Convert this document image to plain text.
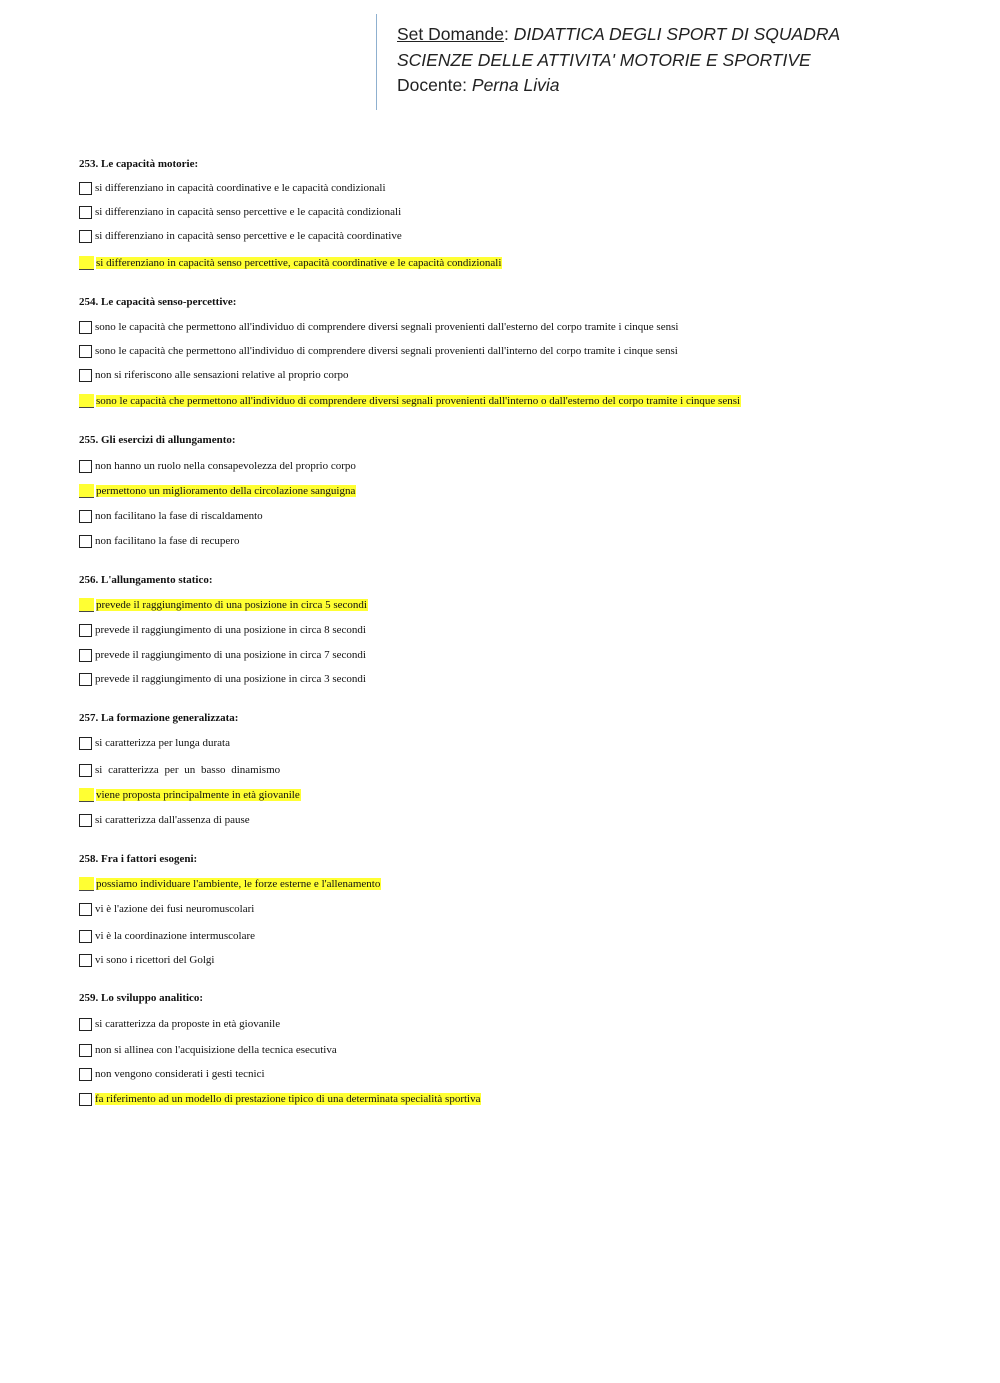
Set Domande: DIDATTICA DEGLI SPORT DI SQUADRA
SCIENZE DELLE ATTIVITA' MOTORIE E SPORTIVE
Docente: Perna Livia
253. Le capacità motorie:
si differenziano in capacità coordinative e le capacità condizionali
si differenziano in capacità senso percettive e le capacità condizionali
si differenziano in capacità senso percettive e le capacità coordinative
si differenziano in capacità senso percettive, capacità coordinative e le capacità condizionali
254. Le capacità senso-percettive:
sono le capacità che permettono all'individuo di comprendere diversi segnali provenienti dall'esterno del corpo tramite i cinque sensi
sono le capacità che permettono all'individuo di comprendere diversi segnali provenienti dall'interno del corpo tramite i cinque sensi
non si riferiscono alle sensazioni relative al proprio corpo
sono le capacità che permettono all'individuo di comprendere diversi segnali provenienti dall'interno o dall'esterno del corpo tramite i cinque sensi
255. Gli esercizi di allungamento:
non hanno un ruolo nella consapevolezza del proprio corpo
permettono un miglioramento della circolazione sanguigna
non facilitano la fase di riscaldamento
non facilitano la fase di recupero
256. L'allungamento statico:
prevede il raggiungimento di una posizione in circa 5 secondi
prevede il raggiungimento di una posizione in circa 8 secondi
prevede il raggiungimento di una posizione in circa 7 secondi
prevede il raggiungimento di una posizione in circa 3 secondi
257. La formazione generalizzata:
si caratterizza per lunga durata
si caratterizza per un basso dinamismo
viene proposta principalmente in età giovanile
si caratterizza dall'assenza di pause
258. Fra i fattori esogeni:
possiamo individuare l'ambiente, le forze esterne e l'allenamento
vi è l'azione dei fusi neuromuscolari
vi è la coordinazione intermuscolare
vi sono i ricettori del Golgi
259. Lo sviluppo analitico:
si caratterizza da proposte in età giovanile
non si allinea con l'acquisizione della tecnica esecutiva
non vengono considerati i gesti tecnici
fa riferimento ad un modello di prestazione tipico di una determinata specialità sportiva
